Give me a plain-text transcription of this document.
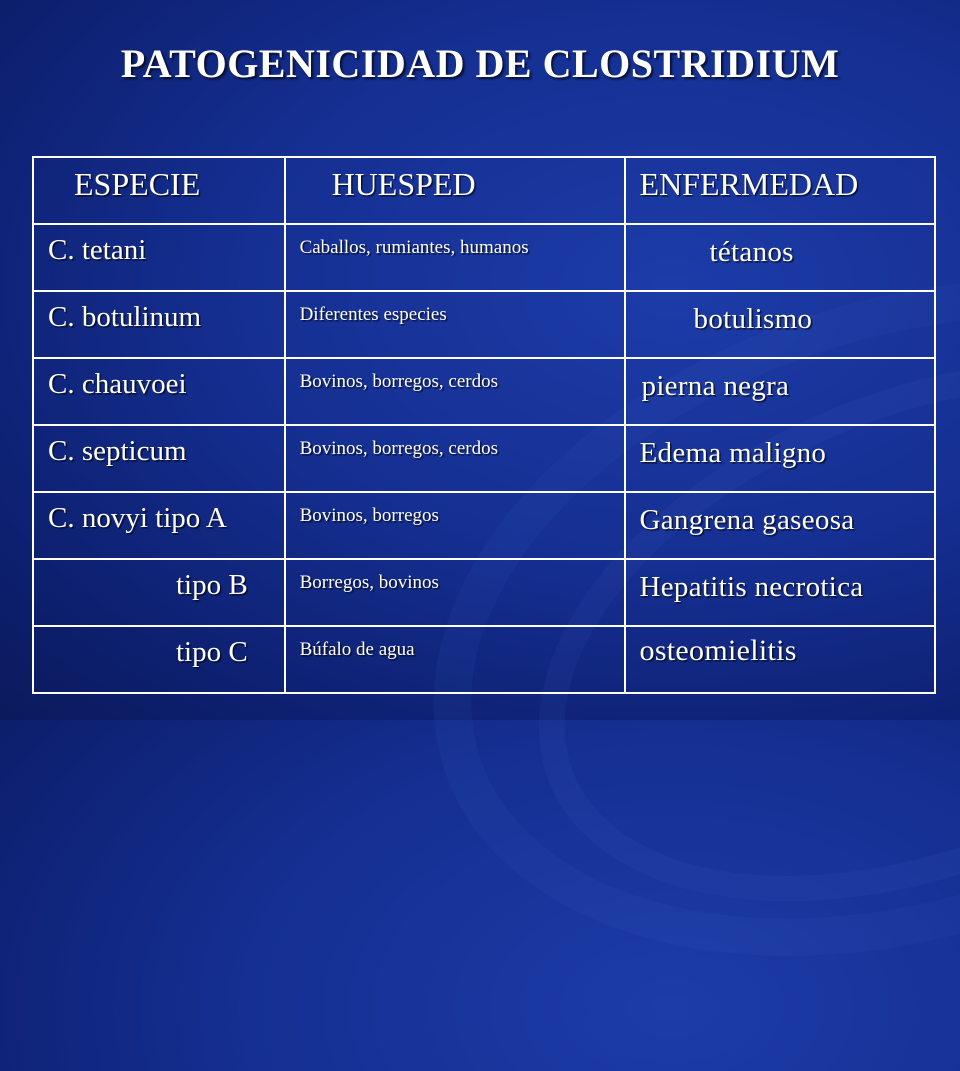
PATOGENICIDAD DE CLOSTRIDIUM
ESPECIE	HUESPED	ENFERMEDAD
C. tetani	Caballos, rumiantes, humanos	tétanos
C. botulinum	Diferentes especies	botulismo
C. chauvoei	Bovinos, borregos, cerdos	pierna negra
C. septicum	Bovinos, borregos, cerdos	Edema maligno
C. novyi tipo A	Bovinos, borregos	Gangrena gaseosa
tipo B	Borregos, bovinos	Hepatitis necrotica
tipo C	Búfalo de agua	osteomielitis
